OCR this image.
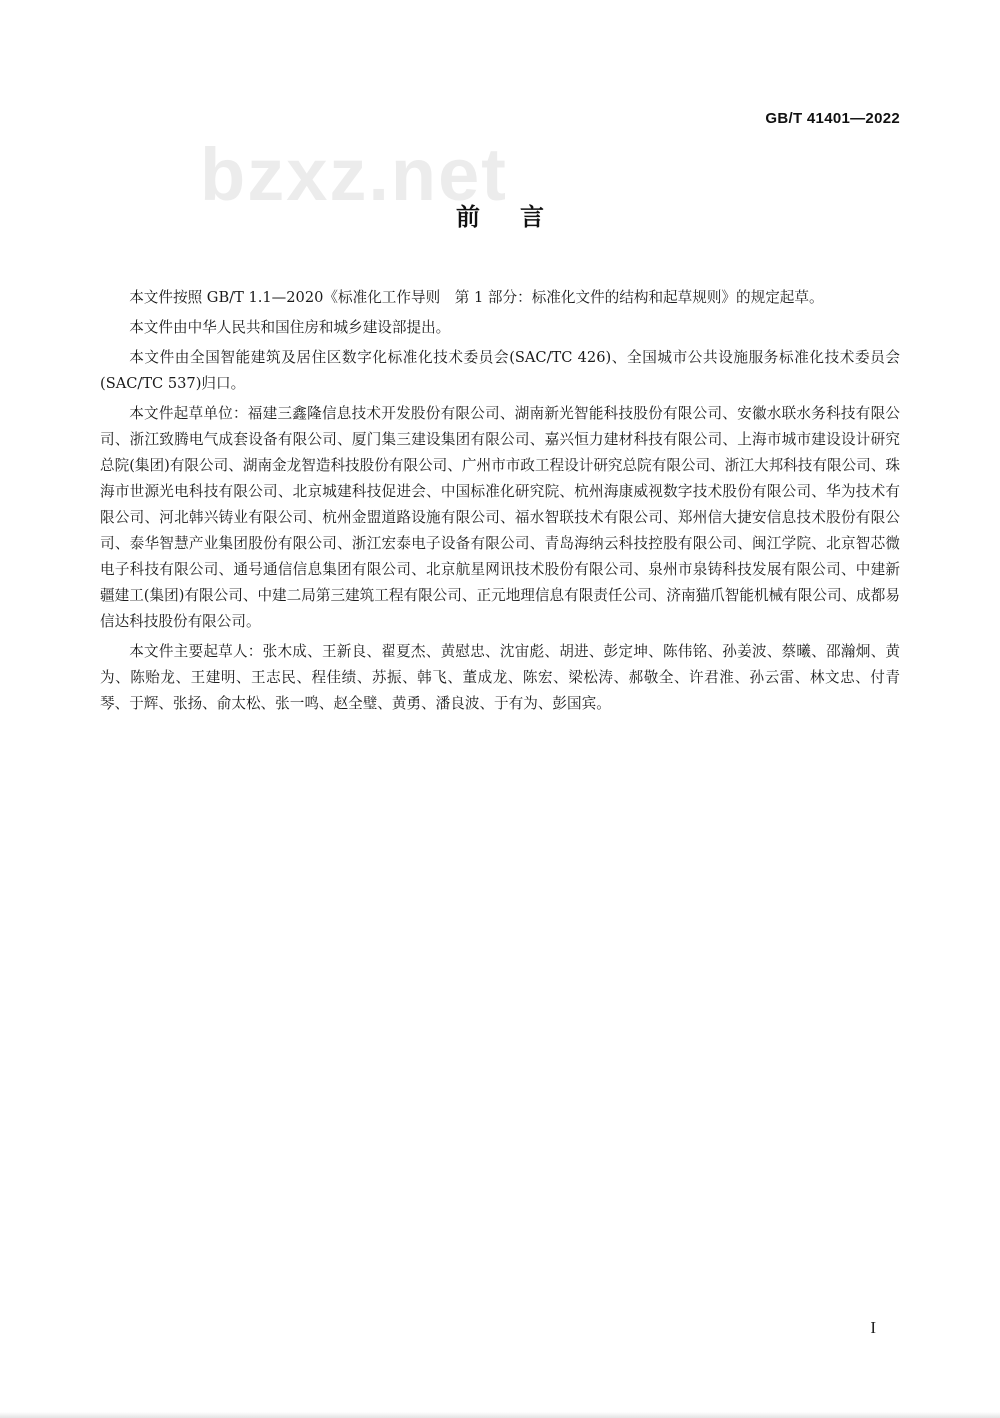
bzxz.net
GB/T 41401—2022
前言

本文件按照 GB/T 1.1—2020《标准化工作导则　第 1 部分：标准化文件的结构和起草规则》的规定起草。

本文件由中华人民共和国住房和城乡建设部提出。

本文件由全国智能建筑及居住区数字化标准化技术委员会(SAC/TC 426)、全国城市公共设施服务标准化技术委员会(SAC/TC 537)归口。

本文件起草单位：福建三鑫隆信息技术开发股份有限公司、湖南新光智能科技股份有限公司、安徽水联水务科技有限公司、浙江致腾电气成套设备有限公司、厦门集三建设集团有限公司、嘉兴恒力建材科技有限公司、上海市城市建设设计研究总院(集团)有限公司、湖南金龙智造科技股份有限公司、广州市市政工程设计研究总院有限公司、浙江大邦科技有限公司、珠海市世源光电科技有限公司、北京城建科技促进会、中国标准化研究院、杭州海康威视数字技术股份有限公司、华为技术有限公司、河北韩兴铸业有限公司、杭州金盟道路设施有限公司、福水智联技术有限公司、郑州信大捷安信息技术股份有限公司、泰华智慧产业集团股份有限公司、浙江宏泰电子设备有限公司、青岛海纳云科技控股有限公司、闽江学院、北京智芯微电子科技有限公司、通号通信信息集团有限公司、北京航星网讯技术股份有限公司、泉州市泉铸科技发展有限公司、中建新疆建工(集团)有限公司、中建二局第三建筑工程有限公司、正元地理信息有限责任公司、济南猫爪智能机械有限公司、成都易信达科技股份有限公司。

本文件主要起草人：张木成、王新良、翟夏杰、黄慰忠、沈宙彪、胡进、彭定坤、陈伟铭、孙姜波、蔡曦、邵瀚炯、黄为、陈贻龙、王建明、王志民、程佳绩、苏振、韩飞、董成龙、陈宏、梁松涛、郝敬全、许君淮、孙云雷、林文忠、付青琴、于辉、张扬、俞太松、张一鸣、赵全璧、黄勇、潘良波、于有为、彭国宾。

I
